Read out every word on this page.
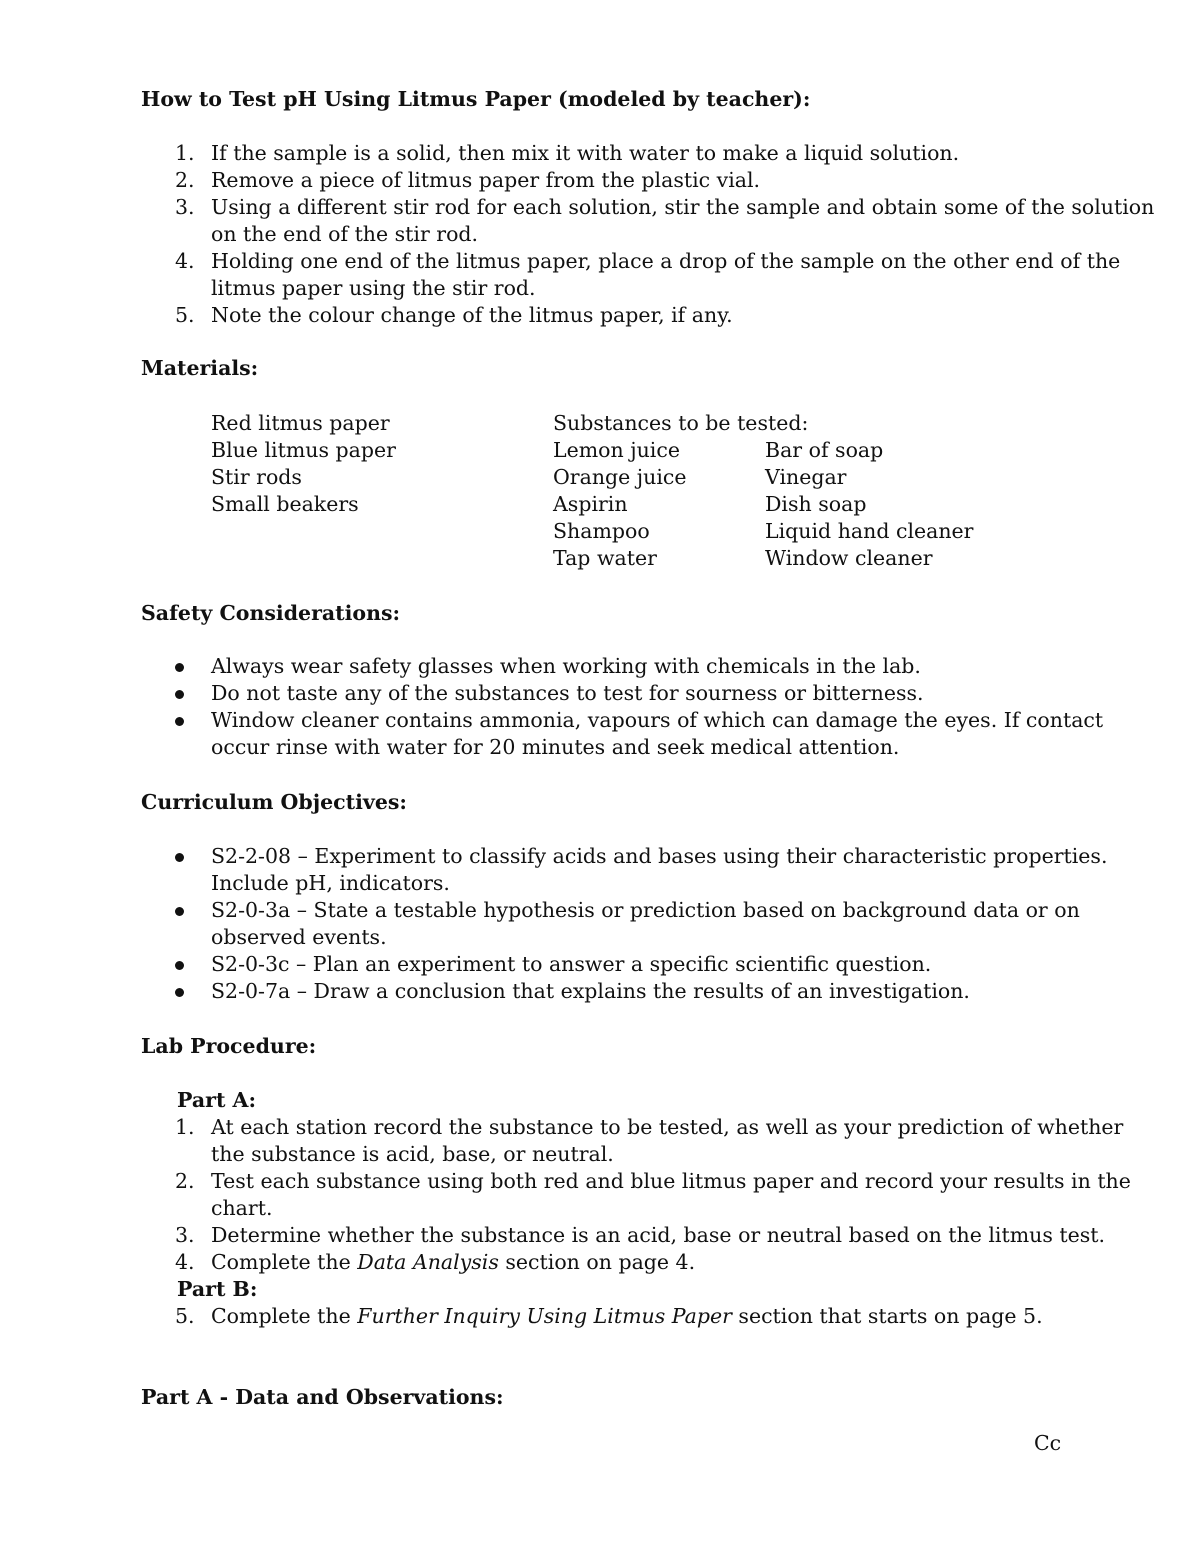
How to Test pH Using Litmus Paper (modeled by teacher):
1. If the sample is a solid, then mix it with water to make a liquid solution.
2. Remove a piece of litmus paper from the plastic vial.
3. Using a different stir rod for each solution, stir the sample and obtain some of the solution
on the end of the stir rod.
4. Holding one end of the litmus paper, place a drop of the sample on the other end of the
litmus paper using the stir rod.
5. Note the colour change of the litmus paper, if any.
Materials:
Red litmus paper
Blue litmus paper
Stir rods
Small beakers
Substances to be tested:
Lemon juice
Orange juice
Aspirin
Shampoo
Tap water
Bar of soap
Vinegar
Dish soap
Liquid hand cleaner
Window cleaner
Safety Considerations:
Always wear safety glasses when working with chemicals in the lab.
Do not taste any of the substances to test for sourness or bitterness.
Window cleaner contains ammonia, vapours of which can damage the eyes. If contact
occur rinse with water for 20 minutes and seek medical attention.
Curriculum Objectives:
S2-2-08 – Experiment to classify acids and bases using their characteristic properties.
Include pH, indicators.
S2-0-3a – State a testable hypothesis or prediction based on background data or on
observed events.
S2-0-3c – Plan an experiment to answer a specific scientific question.
S2-0-7a – Draw a conclusion that explains the results of an investigation.
Lab Procedure:
Part A:
1. At each station record the substance to be tested, as well as your prediction of whether
the substance is acid, base, or neutral.
2. Test each substance using both red and blue litmus paper and record your results in the
chart.
3. Determine whether the substance is an acid, base or neutral based on the litmus test.
4. Complete the Data Analysis section on page 4.
Part B:
5. Complete the Further Inquiry Using Litmus Paper section that starts on page 5.
Part A - Data and Observations:
Cc
